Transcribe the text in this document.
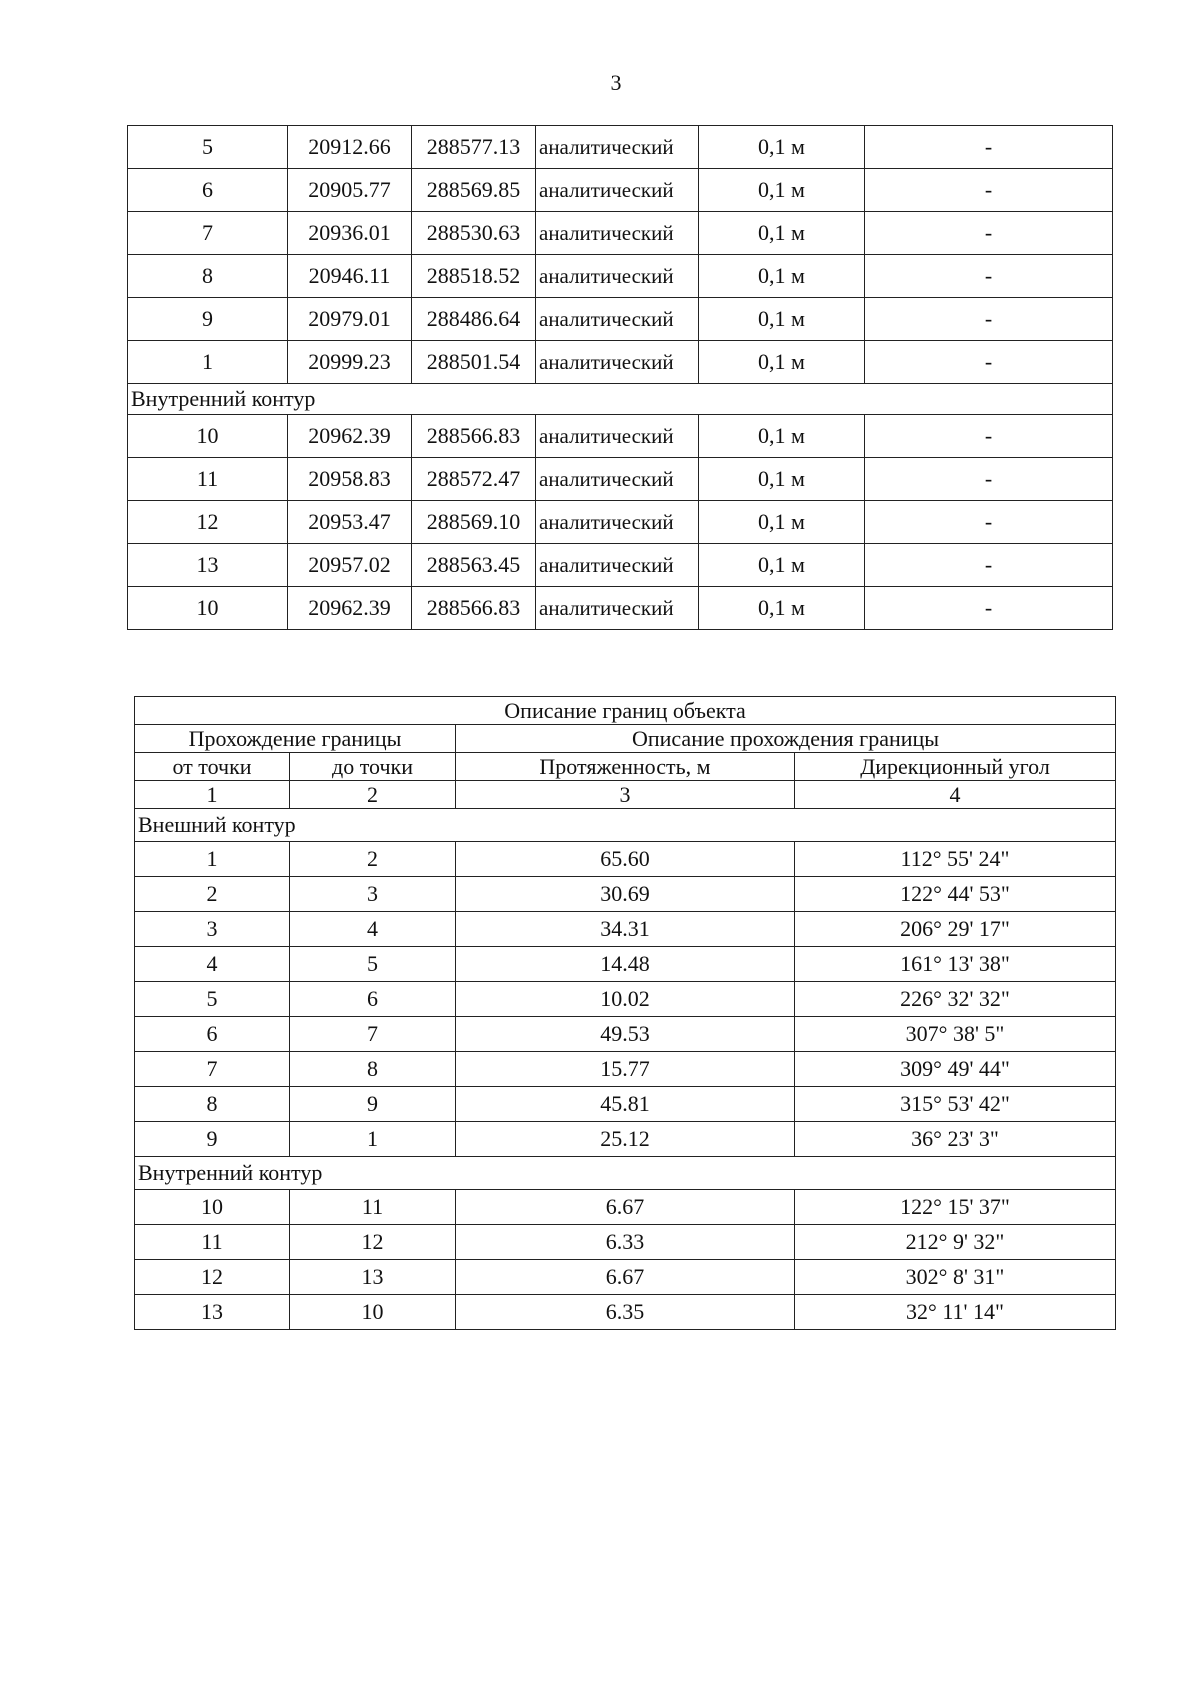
3
5	20912.66	288577.13	аналитический	0,1 м	-
6	20905.77	288569.85	аналитический	0,1 м	-
7	20936.01	288530.63	аналитический	0,1 м	-
8	20946.11	288518.52	аналитический	0,1 м	-
9	20979.01	288486.64	аналитический	0,1 м	-
1	20999.23	288501.54	аналитический	0,1 м	-
Внутренний контур					
10	20962.39	288566.83	аналитический	0,1 м	-
11	20958.83	288572.47	аналитический	0,1 м	-
12	20953.47	288569.10	аналитический	0,1 м	-
13	20957.02	288563.45	аналитический	0,1 м	-
10	20962.39	288566.83	аналитический	0,1 м	-
Описание границ объекта			
Прохождение границы		Описание прохождения границы	
от точки	до точки	Протяженность, м	Дирекционный угол
1	2	3	4
Внешний контур			
1	2	65.60	112° 55' 24"
2	3	30.69	122° 44' 53"
3	4	34.31	206° 29' 17"
4	5	14.48	161° 13' 38"
5	6	10.02	226° 32' 32"
6	7	49.53	307° 38' 5"
7	8	15.77	309° 49' 44"
8	9	45.81	315° 53' 42"
9	1	25.12	36° 23' 3"
Внутренний контур			
10	11	6.67	122° 15' 37"
11	12	6.33	212° 9' 32"
12	13	6.67	302° 8' 31"
13	10	6.35	32° 11' 14"
